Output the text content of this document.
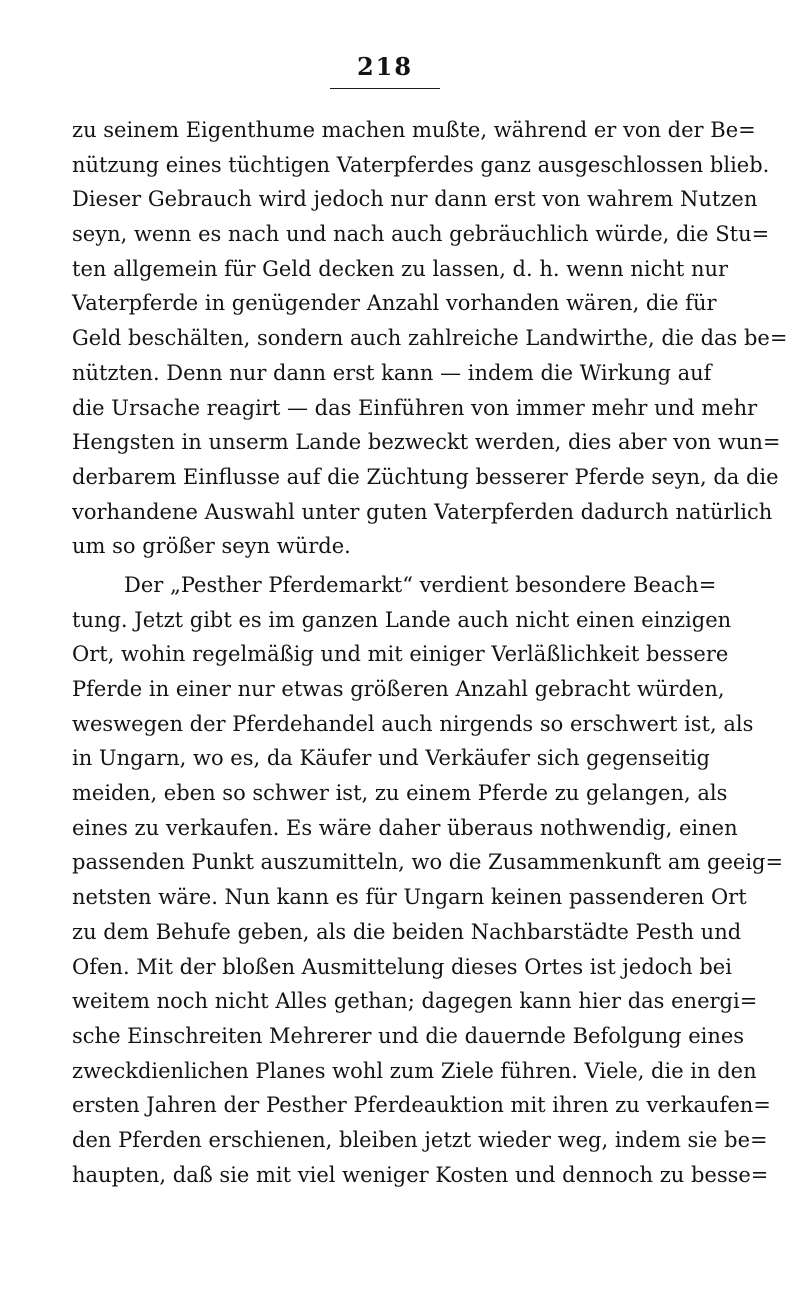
218
zu seinem Eigenthume machen mußte, während er von der Be=
nützung eines tüchtigen Vaterpferdes ganz ausgeschlossen blieb.
Dieser Gebrauch wird jedoch nur dann erst von wahrem Nutzen
seyn, wenn es nach und nach auch gebräuchlich würde, die Stu=
ten allgemein für Geld decken zu lassen, d. h. wenn nicht nur
Vaterpferde in genügender Anzahl vorhanden wären, die für
Geld beschälten, sondern auch zahlreiche Landwirthe, die das be=
nützten. Denn nur dann erst kann — indem die Wirkung auf
die Ursache reagirt — das Einführen von immer mehr und mehr
Hengsten in unserm Lande bezweckt werden, dies aber von wun=
derbarem Einflusse auf die Züchtung besserer Pferde seyn, da die
vorhandene Auswahl unter guten Vaterpferden dadurch natürlich
um so größer seyn würde.
Der „Pesther Pferdemarkt“ verdient besondere Beach=
tung. Jetzt gibt es im ganzen Lande auch nicht einen einzigen
Ort, wohin regelmäßig und mit einiger Verläßlichkeit bessere
Pferde in einer nur etwas größeren Anzahl gebracht würden,
weswegen der Pferdehandel auch nirgends so erschwert ist, als
in Ungarn, wo es, da Käufer und Verkäufer sich gegenseitig
meiden, eben so schwer ist, zu einem Pferde zu gelangen, als
eines zu verkaufen. Es wäre daher überaus nothwendig, einen
passenden Punkt auszumitteln, wo die Zusammenkunft am geeig=
netsten wäre. Nun kann es für Ungarn keinen passenderen Ort
zu dem Behufe geben, als die beiden Nachbarstädte Pesth und
Ofen. Mit der bloßen Ausmittelung dieses Ortes ist jedoch bei
weitem noch nicht Alles gethan; dagegen kann hier das energi=
sche Einschreiten Mehrerer und die dauernde Befolgung eines
zweckdienlichen Planes wohl zum Ziele führen. Viele, die in den
ersten Jahren der Pesther Pferdeauktion mit ihren zu verkaufen=
den Pferden erschienen, bleiben jetzt wieder weg, indem sie be=
haupten, daß sie mit viel weniger Kosten und dennoch zu besse=
